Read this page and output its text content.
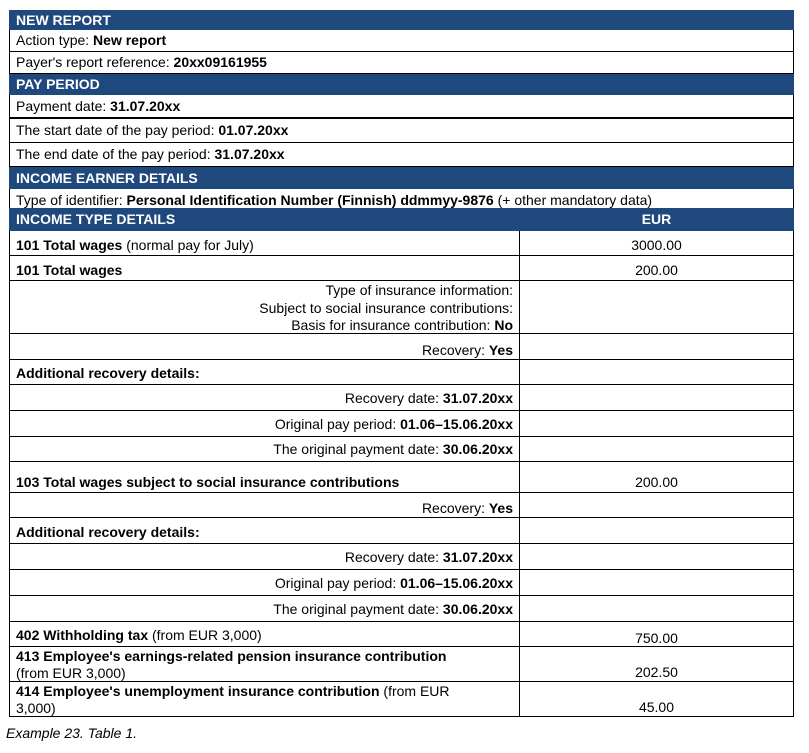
NEW REPORT
Action type: New report
Payer's report reference: 20xx09161955
PAY PERIOD
Payment date: 31.07.20xx
The start date of the pay period: 01.07.20xx
The end date of the pay period: 31.07.20xx
INCOME EARNER DETAILS
Type of identifier: Personal Identification Number (Finnish) ddmmyy-9876 (+ other mandatory data)
INCOME TYPE DETAILS	EUR
101 Total wages (normal pay for July)	3000.00
101 Total wages	200.00
Type of insurance information:
Subject to social insurance contributions:
Basis for insurance contribution: No
Recovery: Yes
Additional recovery details:
Recovery date: 31.07.20xx
Original pay period: 01.06–15.06.20xx
The original payment date: 30.06.20xx
103 Total wages subject to social insurance contributions	200.00
Recovery: Yes
Additional recovery details:
Recovery date: 31.07.20xx
Original pay period: 01.06–15.06.20xx
The original payment date: 30.06.20xx
402 Withholding tax (from EUR 3,000)	750.00
413 Employee's earnings-related pension insurance contribution
(from EUR 3,000)	202.50
414 Employee's unemployment insurance contribution (from EUR 3,000)	45.00
Example 23. Table 1.
